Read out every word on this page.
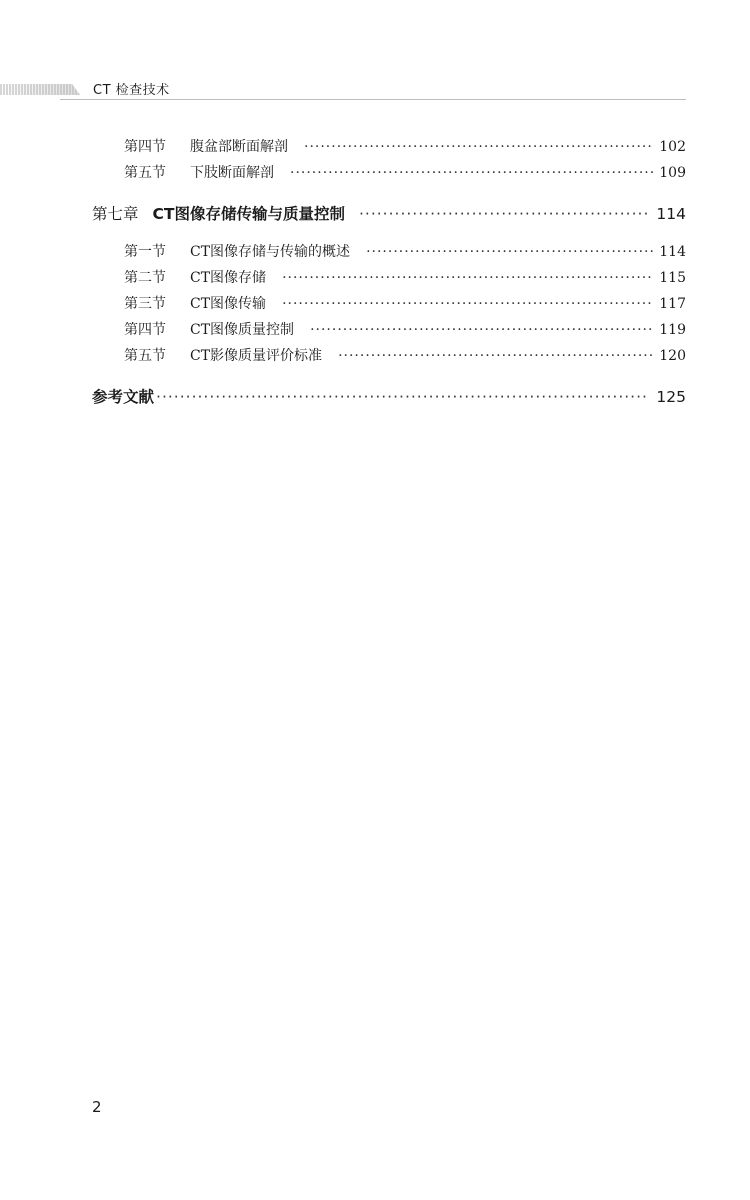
CT 检查技术
第四节	腹盆部断面解剖 ·····	102
第五节	下肢断面解剖 ·····	109
第七章 CT图像存储传输与质量控制 ·····	114
第一节	CT图像存储与传输的概述 ·····	114
第二节	CT图像存储 ·····	115
第三节	CT图像传输 ·····	117
第四节	CT图像质量控制 ·····	119
第五节	CT影像质量评价标准 ·····	120
参考文献 ·····	125
2
